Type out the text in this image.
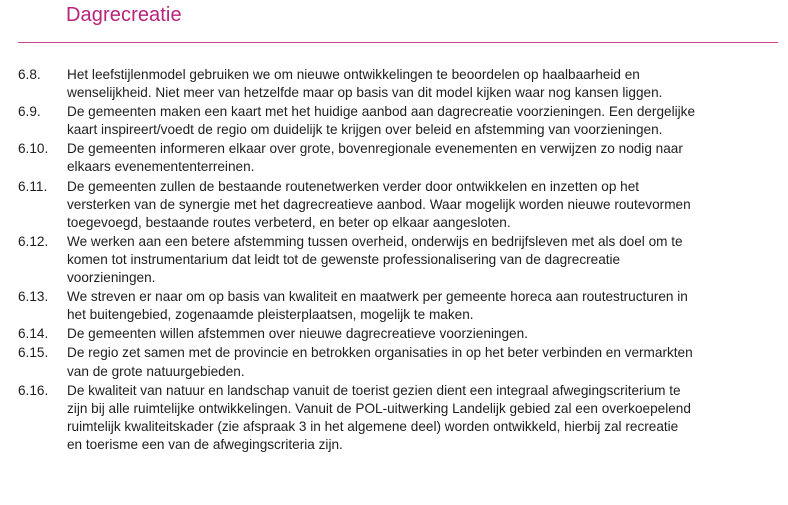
Dagrecreatie
6.8. Het leefstijlenmodel gebruiken we om nieuwe ontwikkelingen te beoordelen op haalbaarheid en
wenselijkheid. Niet meer van hetzelfde maar op basis van dit model kijken waar nog kansen liggen.
6.9. De gemeenten maken een kaart met het huidige aanbod aan dagrecreatie voorzieningen. Een dergelijke
kaart inspireert/voedt de regio om duidelijk te krijgen over beleid en afstemming van voorzieningen.
6.10. De gemeenten informeren elkaar over grote, bovenregionale evenementen en verwijzen zo nodig naar
elkaars evenemententerreinen.
6.11. De gemeenten zullen de bestaande routenetwerken verder door ontwikkelen en inzetten op het
versterken van de synergie met het dagrecreatieve aanbod. Waar mogelijk worden nieuwe routevormen
toegevoegd, bestaande routes verbeterd, en beter op elkaar aangesloten.
6.12. We werken aan een betere afstemming tussen overheid, onderwijs en bedrijfsleven met als doel om te
komen tot instrumentarium dat leidt tot de gewenste professionalisering van de dagrecreatie
voorzieningen.
6.13. We streven er naar om op basis van kwaliteit en maatwerk per gemeente horeca aan routestructuren in
het buitengebied, zogenaamde pleisterplaatsen, mogelijk te maken.
6.14. De gemeenten willen afstemmen over nieuwe dagrecreatieve voorzieningen.
6.15. De regio zet samen met de provincie en betrokken organisaties in op het beter verbinden en vermarkten
van de grote natuurgebieden.
6.16. De kwaliteit van natuur en landschap vanuit de toerist gezien dient een integraal afwegingscriterium te
zijn bij alle ruimtelijke ontwikkelingen. Vanuit de POL-uitwerking Landelijk gebied zal een overkoepelend
ruimtelijk kwaliteitskader (zie afspraak 3 in het algemene deel) worden ontwikkeld, hierbij zal recreatie
en toerisme een van de afwegingscriteria zijn.
